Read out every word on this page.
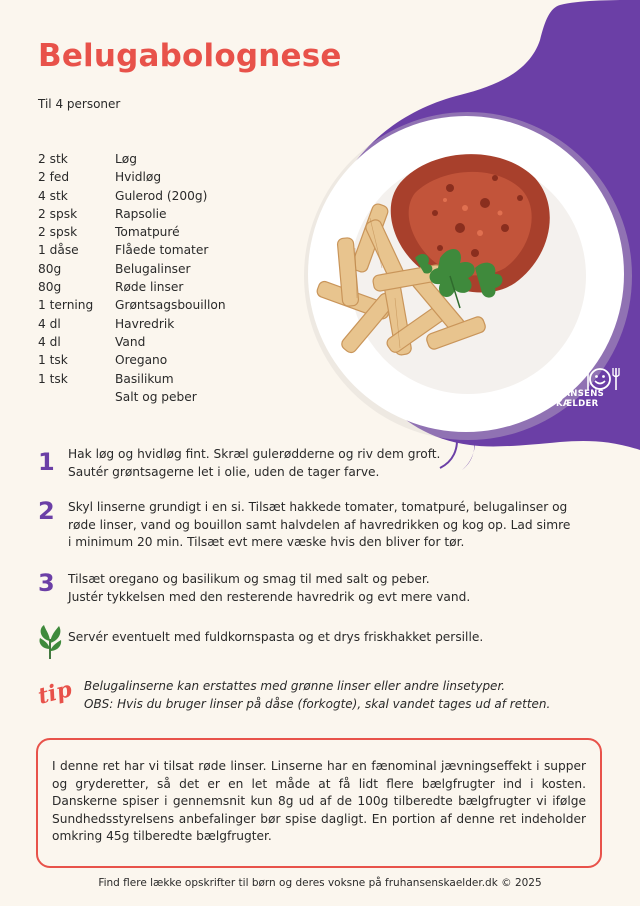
Belugabolognese
Til 4 personer
2 stk	Løg
2 fed	Hvidløg
4 stk	Gulerod (200g)
2 spsk	Rapsolie
2 spsk	Tomatpuré
1 dåse	Flåede tomater
80g	Belugalinser
80g	Røde linser
1 terning	Grøntsagsbouillon
4 dl	Havredrik
4 dl	Vand
1 tsk	Oregano
1 tsk	Basilikum
Salt og peber
FRU
HANSENS
KÆLDER
1	Hak løg og hvidløg fint. Skræl gulerødderne og riv dem groft.
Sautér grøntsagerne let i olie, uden de tager farve.
2	Skyl linserne grundigt i en si. Tilsæt hakkede tomater, tomatpuré, belugalinser og
røde linser, vand og bouillon samt halvdelen af havredrikken og kog op. Lad simre
i minimum 20 min. Tilsæt evt mere væske hvis den bliver for tør.
3	Tilsæt oregano og basilikum og smag til med salt og peber.
Justér tykkelsen med den resterende havredrik og evt mere vand.
Servér eventuelt med fuldkornspasta og et drys friskhakket persille.
tip Belugalinserne kan erstattes med grønne linser eller andre linsetyper.
OBS: Hvis du bruger linser på dåse (forkogte), skal vandet tages ud af retten.
I denne ret har vi tilsat røde linser. Linserne har en fænominal jævningseffekt i supper og gryderetter, så det er en let måde at få lidt flere bælgfrugter ind i kosten. Danskerne spiser i gennemsnit kun 8g ud af de 100g tilberedte bælgfrugter vi ifølge Sundhedsstyrelsens anbefalinger bør spise dagligt. En portion af denne ret indeholder omkring 45g tilberedte bælgfrugter.
Find flere lække opskrifter til børn og deres voksne på fruhansenskaelder.dk © 2025
